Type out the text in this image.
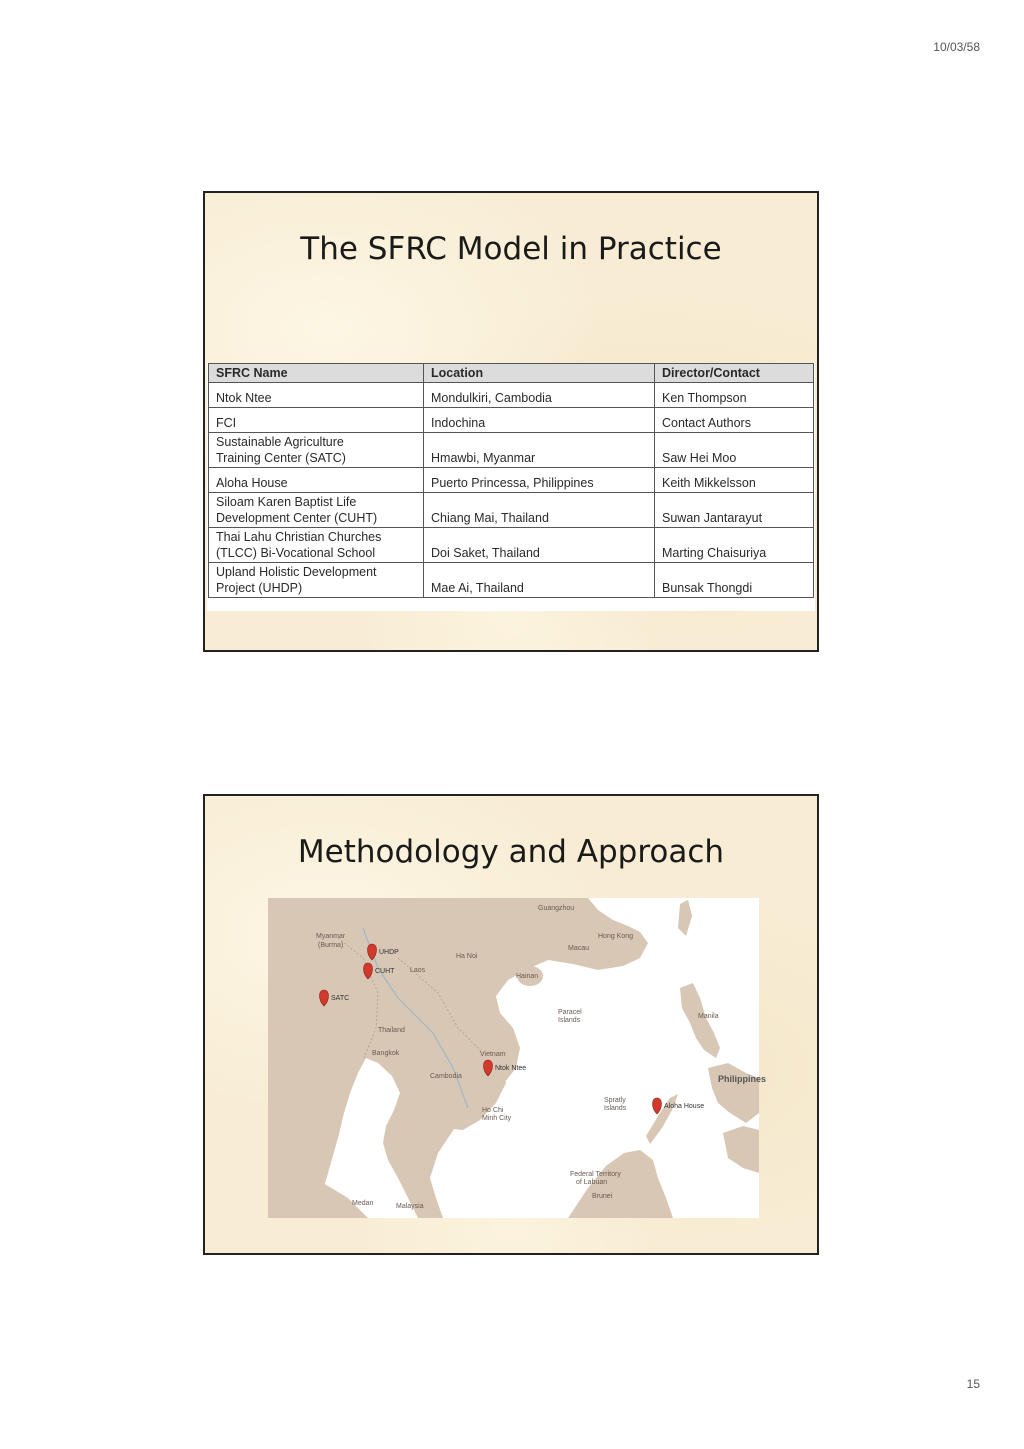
10/03/58
The SFRC Model in Practice
SFRC Name	Location	Director/Contact
Ntok Ntee	Mondulkiri, Cambodia	Ken Thompson
FCI	Indochina	Contact Authors
Sustainable Agriculture
Training Center (SATC)	Hmawbi, Myanmar	Saw Hei Moo
Aloha House	Puerto Princessa, Philippines	Keith Mikkelsson
Siloam Karen Baptist Life
Development Center (CUHT)	Chiang Mai, Thailand	Suwan Jantarayut
Thai Lahu Christian Churches
(TLCC) Bi-Vocational School	Doi Saket, Thailand	Marting Chaisuriya
Upland Holistic Development
Project (UHDP)	Mae Ai, Thailand	Bunsak Thongdi
Methodology and Approach
Myanmar
(Burma)
Laos
Thailand
Bangkok
Cambodia
Vietnam
Ho Chi
Minh City
Ha Noi
Hainan
Macau
Hong Kong
Guangzhou
Paracel
Islands
Spratly
Islands
Philippines
Manila
Malaysia
Medan
Federal Territory
of Labuan
Brunei
UHDP
CUHT
SATC
Ntok Ntee
Aloha House
15
